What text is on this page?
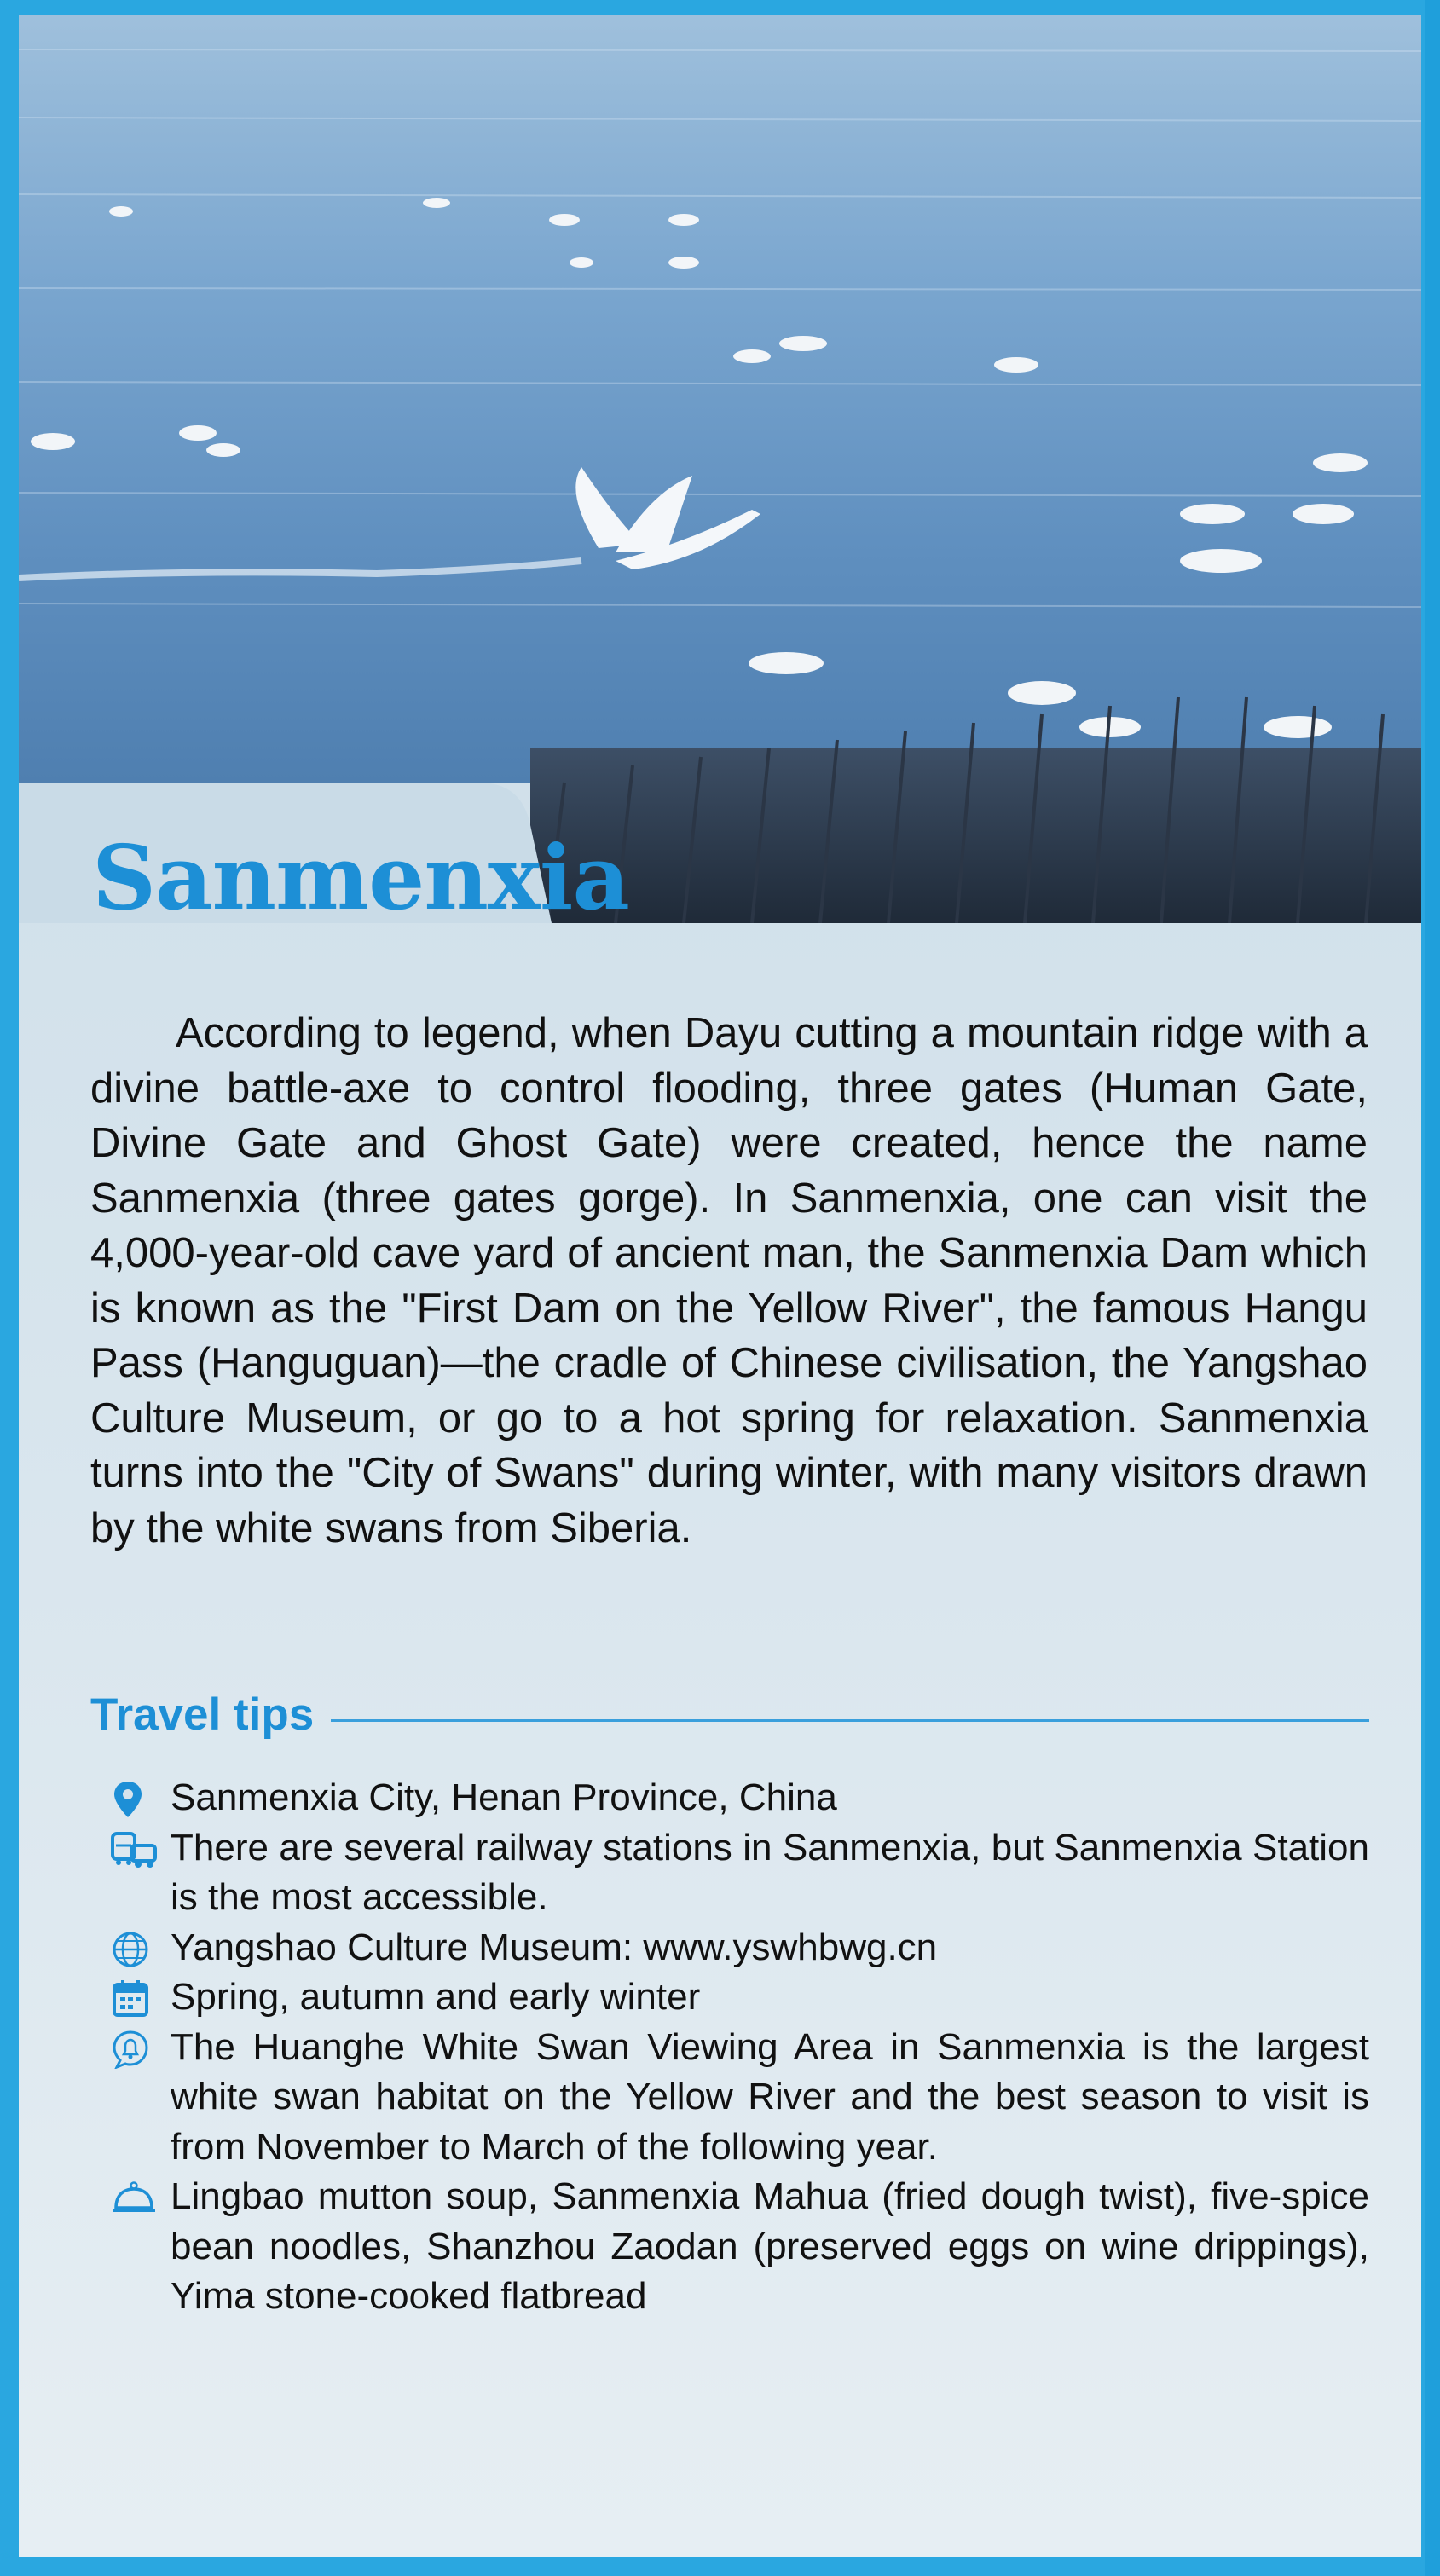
Sanmenxia

According to legend, when Dayu cutting a mountain ridge with a divine battle-axe to control flooding, three gates (Human Gate, Divine Gate and Ghost Gate) were created, hence the name Sanmenxia (three gates gorge). In Sanmenxia, one can visit the 4,000-year-old cave yard of ancient man, the Sanmenxia Dam which is known as the "First Dam on the Yellow River", the famous Hangu Pass (Hanguguan)—the cradle of Chinese civilisation, the Yangshao Culture Museum, or go to a hot spring for relaxation. Sanmenxia turns into the "City of Swans" during winter, with many visitors drawn by the white swans from Siberia.

Travel tips
Sanmenxia City, Henan Province, China
There are several railway stations in Sanmenxia, but Sanmenxia Station is the most accessible.
Yangshao Culture Museum: www.yswhbwg.cn
Spring, autumn and early winter
The Huanghe White Swan Viewing Area in Sanmenxia is the largest white swan habitat on the Yellow River and the best season to visit is from November to March of the following year.
Lingbao mutton soup, Sanmenxia Mahua (fried dough twist), five-spice bean noodles, Shanzhou Zaodan (preserved eggs on wine drippings), Yima stone-cooked flatbread
